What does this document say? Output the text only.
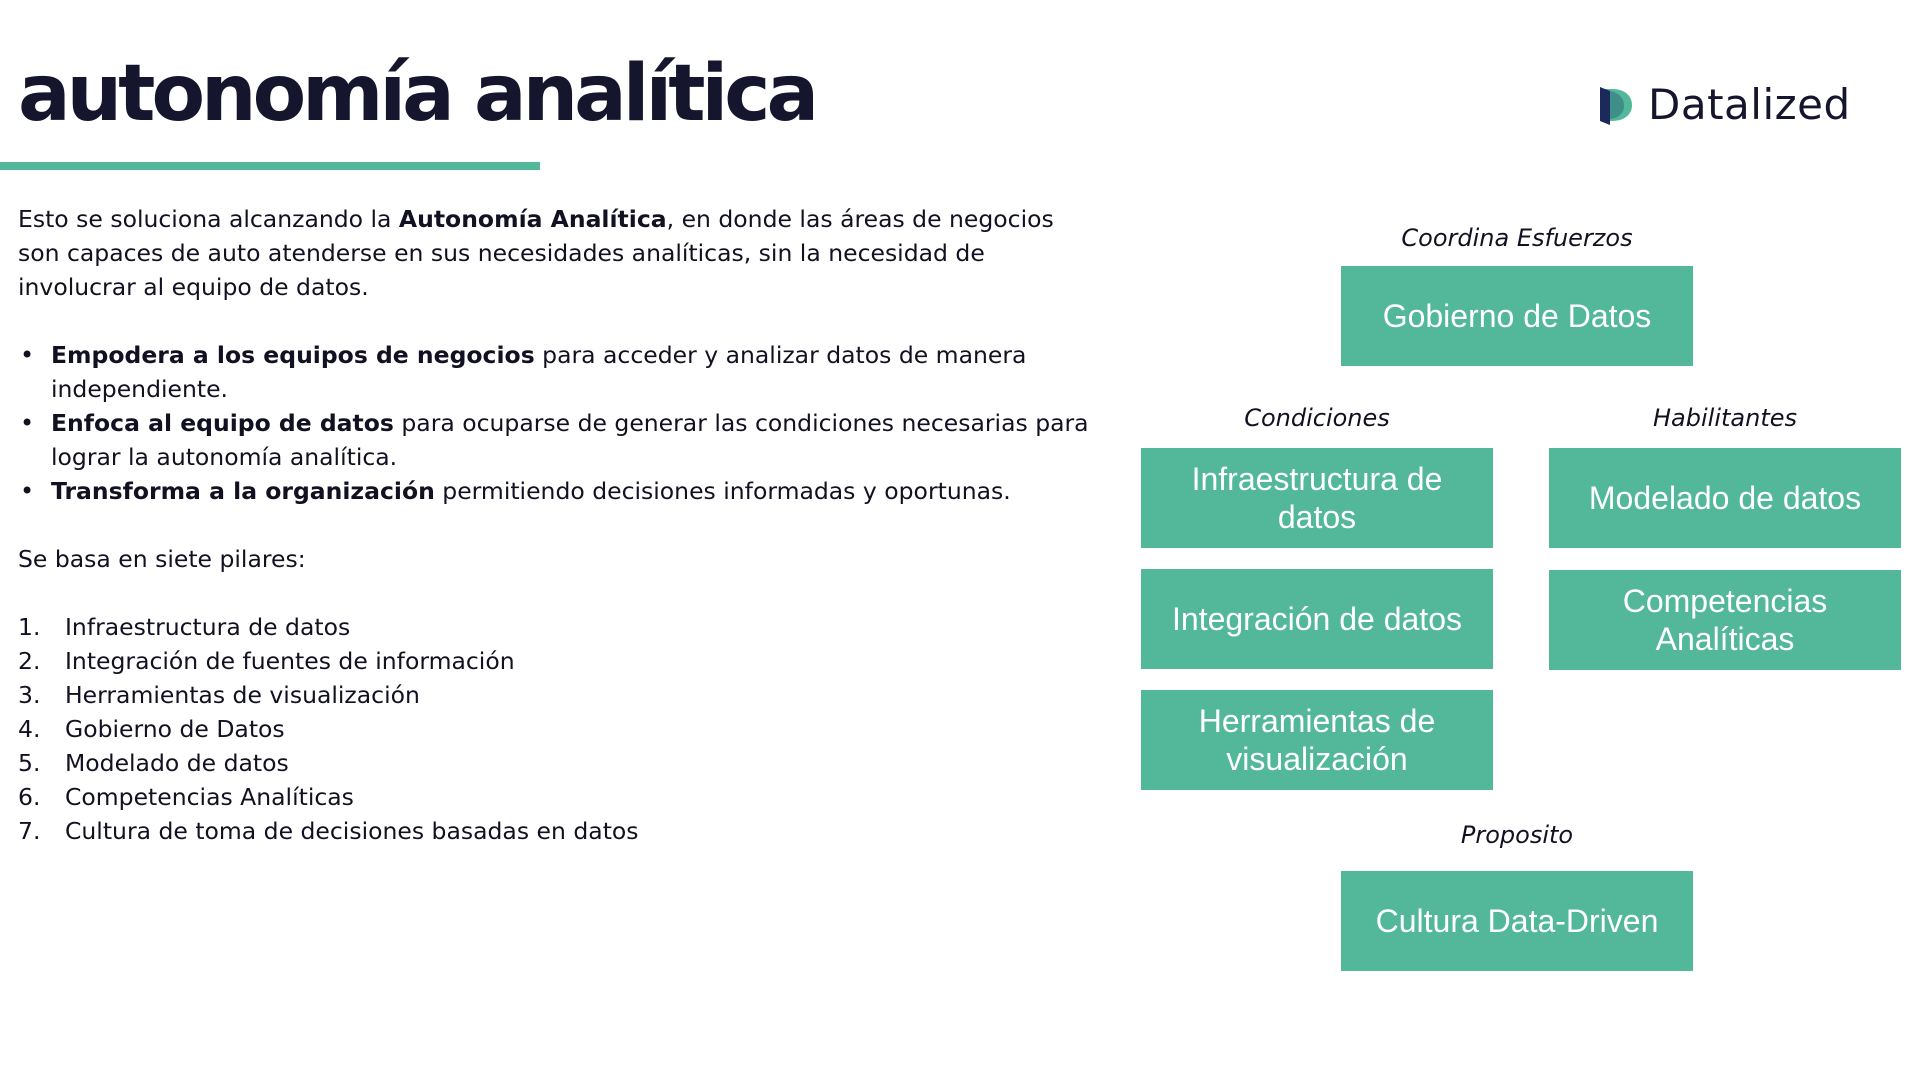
autonomía analítica	Datalized

Esto se soluciona alcanzando la Autonomía Analítica, en donde las áreas de negocios son capaces de auto atenderse en sus necesidades analíticas, sin la necesidad de involucrar al equipo de datos.

• Empodera a los equipos de negocios para acceder y analizar datos de manera independiente.
• Enfoca al equipo de datos para ocuparse de generar las condiciones necesarias para lograr la autonomía analítica.
• Transforma a la organización permitiendo decisiones informadas y oportunas.

Se basa en siete pilares:

1.	Infraestructura de datos
2.	Integración de fuentes de información
3.	Herramientas de visualización
4.	Gobierno de Datos
5.	Modelado de datos
6.	Competencias Analíticas
7.	Cultura de toma de decisiones basadas en datos
Coordina Esfuerzos
Gobierno de Datos
Condiciones	Habilitantes
Infraestructura de datos
Integración de datos
Herramientas de visualización
Modelado de datos
Competencias Analíticas
Proposito
Cultura Data-Driven
